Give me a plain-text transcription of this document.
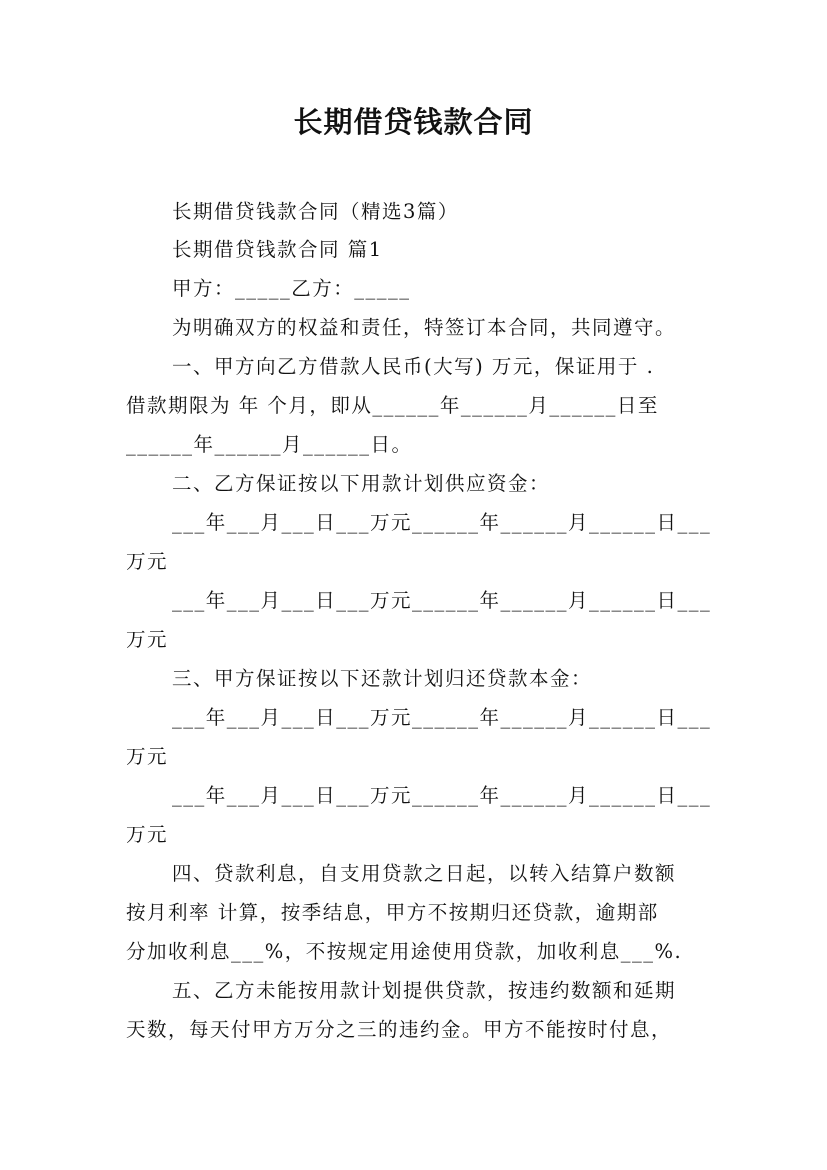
长期借贷钱款合同
长期借贷钱款合同（精选3篇）
长期借贷钱款合同 篇1
甲方：_____乙方：_____
为明确双方的权益和责任，特签订本合同，共同遵守。
一、甲方向乙方借款人民币(大写) 万元，保证用于 .
借款期限为 年 个月，即从______年______月______日至
______年______月______日。
二、乙方保证按以下用款计划供应资金：
___年___月___日___万元______年______月______日___
万元
___年___月___日___万元______年______月______日___
万元
三、甲方保证按以下还款计划归还贷款本金：
___年___月___日___万元______年______月______日___
万元
___年___月___日___万元______年______月______日___
万元
四、贷款利息，自支用贷款之日起，以转入结算户数额
按月利率 计算，按季结息，甲方不按期归还贷款，逾期部
分加收利息___%，不按规定用途使用贷款，加收利息___%.
五、乙方未能按用款计划提供贷款，按违约数额和延期
天数，每天付甲方万分之三的违约金。甲方不能按时付息，
